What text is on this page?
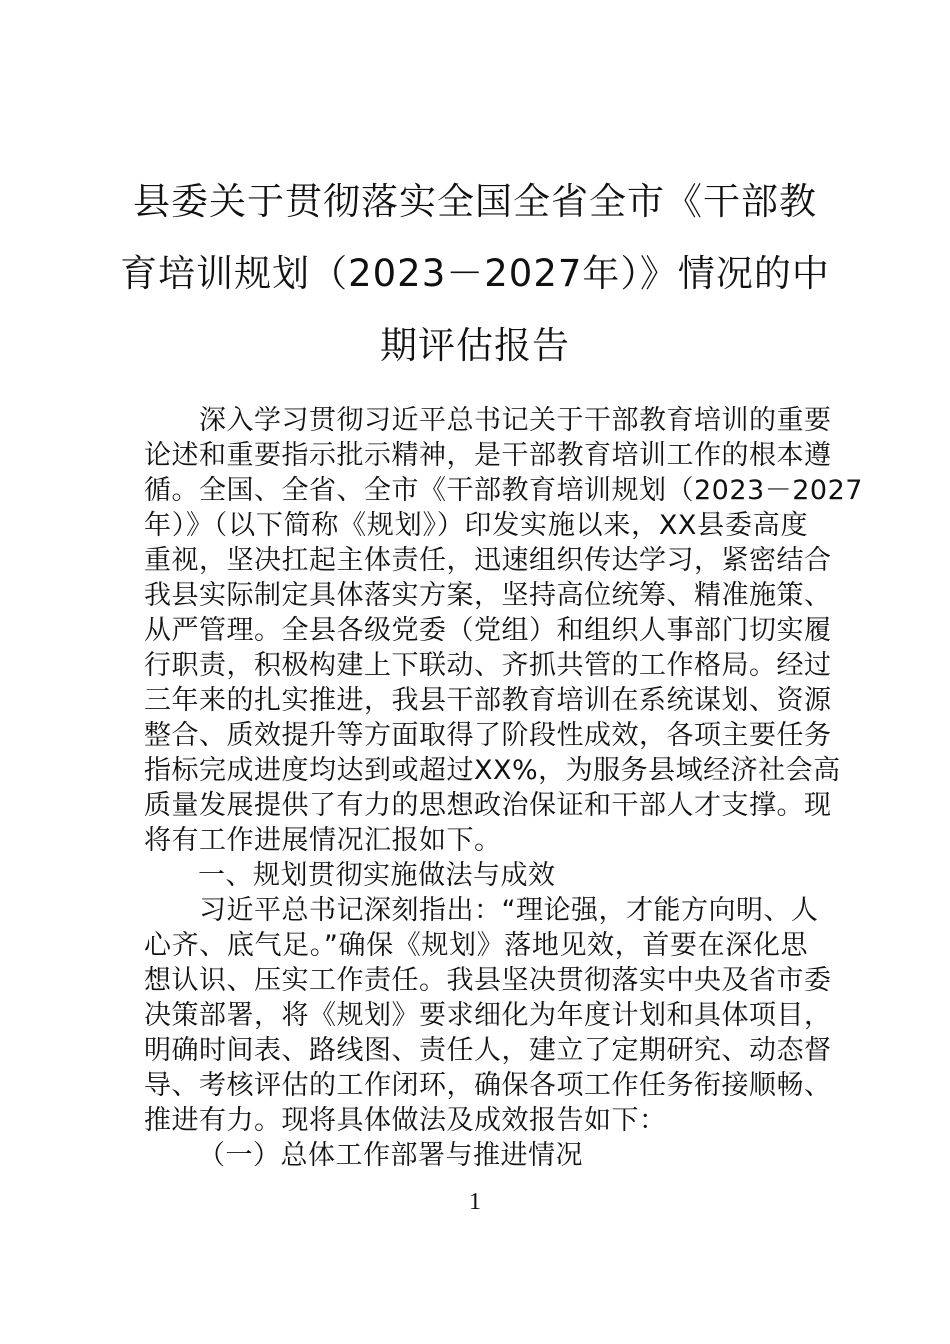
县委关于贯彻落实全国全省全市《干部教
育培训规划（2023－2027年）》情况的中
期评估报告

　　深入学习贯彻习近平总书记关于干部教育培训的重要
论述和重要指示批示精神，是干部教育培训工作的根本遵
循。全国、全省、全市《干部教育培训规划（2023－2027
年）》（以下简称《规划》）印发实施以来，XX县委高度
重视，坚决扛起主体责任，迅速组织传达学习，紧密结合
我县实际制定具体落实方案，坚持高位统筹、精准施策、
从严管理。全县各级党委（党组）和组织人事部门切实履
行职责，积极构建上下联动、齐抓共管的工作格局。经过
三年来的扎实推进，我县干部教育培训在系统谋划、资源
整合、质效提升等方面取得了阶段性成效，各项主要任务
指标完成进度均达到或超过XX%，为服务县域经济社会高
质量发展提供了有力的思想政治保证和干部人才支撑。现
将有工作进展情况汇报如下。

一、规划贯彻实施做法与成效

　　习近平总书记深刻指出：“理论强，才能方向明、人
心齐、底气足。”确保《规划》落地见效，首要在深化思
想认识、压实工作责任。我县坚决贯彻落实中央及省市委
决策部署，将《规划》要求细化为年度计划和具体项目，
明确时间表、路线图、责任人，建立了定期研究、动态督
导、考核评估的工作闭环，确保各项工作任务衔接顺畅、
推进有力。现将具体做法及成效报告如下：

（一）总体工作部署与推进情况

1
